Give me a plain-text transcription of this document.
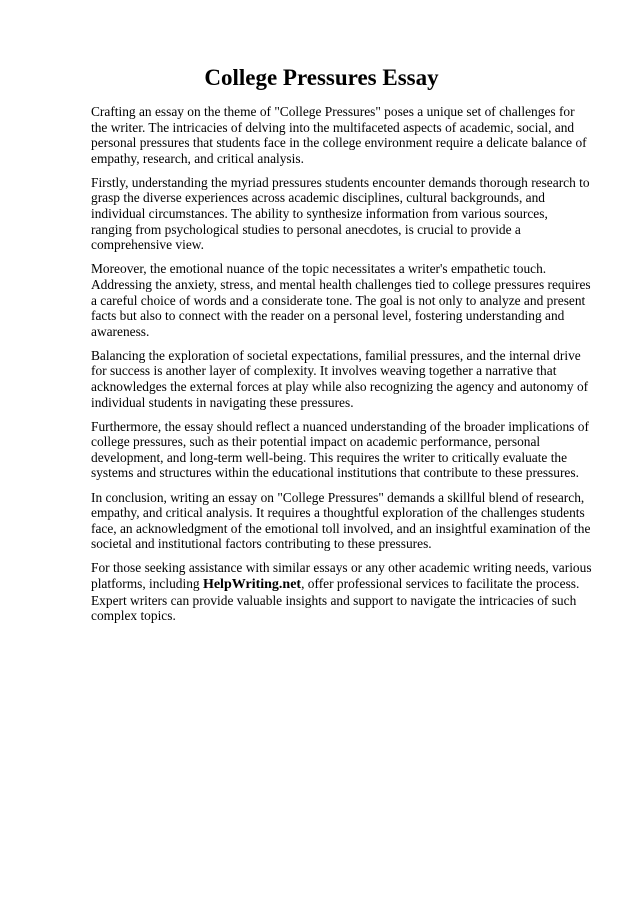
College Pressures Essay

Crafting an essay on the theme of "College Pressures" poses a unique set of challenges for the writer. The intricacies of delving into the multifaceted aspects of academic, social, and personal pressures that students face in the college environment require a delicate balance of empathy, research, and critical analysis.

Firstly, understanding the myriad pressures students encounter demands thorough research to grasp the diverse experiences across academic disciplines, cultural backgrounds, and individual circumstances. The ability to synthesize information from various sources, ranging from psychological studies to personal anecdotes, is crucial to provide a comprehensive view.

Moreover, the emotional nuance of the topic necessitates a writer's empathetic touch. Addressing the anxiety, stress, and mental health challenges tied to college pressures requires a careful choice of words and a considerate tone. The goal is not only to analyze and present facts but also to connect with the reader on a personal level, fostering understanding and awareness.

Balancing the exploration of societal expectations, familial pressures, and the internal drive for success is another layer of complexity. It involves weaving together a narrative that acknowledges the external forces at play while also recognizing the agency and autonomy of individual students in navigating these pressures.

Furthermore, the essay should reflect a nuanced understanding of the broader implications of college pressures, such as their potential impact on academic performance, personal development, and long-term well-being. This requires the writer to critically evaluate the systems and structures within the educational institutions that contribute to these pressures.

In conclusion, writing an essay on "College Pressures" demands a skillful blend of research, empathy, and critical analysis. It requires a thoughtful exploration of the challenges students face, an acknowledgment of the emotional toll involved, and an insightful examination of the societal and institutional factors contributing to these pressures.

For those seeking assistance with similar essays or any other academic writing needs, various platforms, including HelpWriting.net, offer professional services to facilitate the process. Expert writers can provide valuable insights and support to navigate the intricacies of such complex topics.
